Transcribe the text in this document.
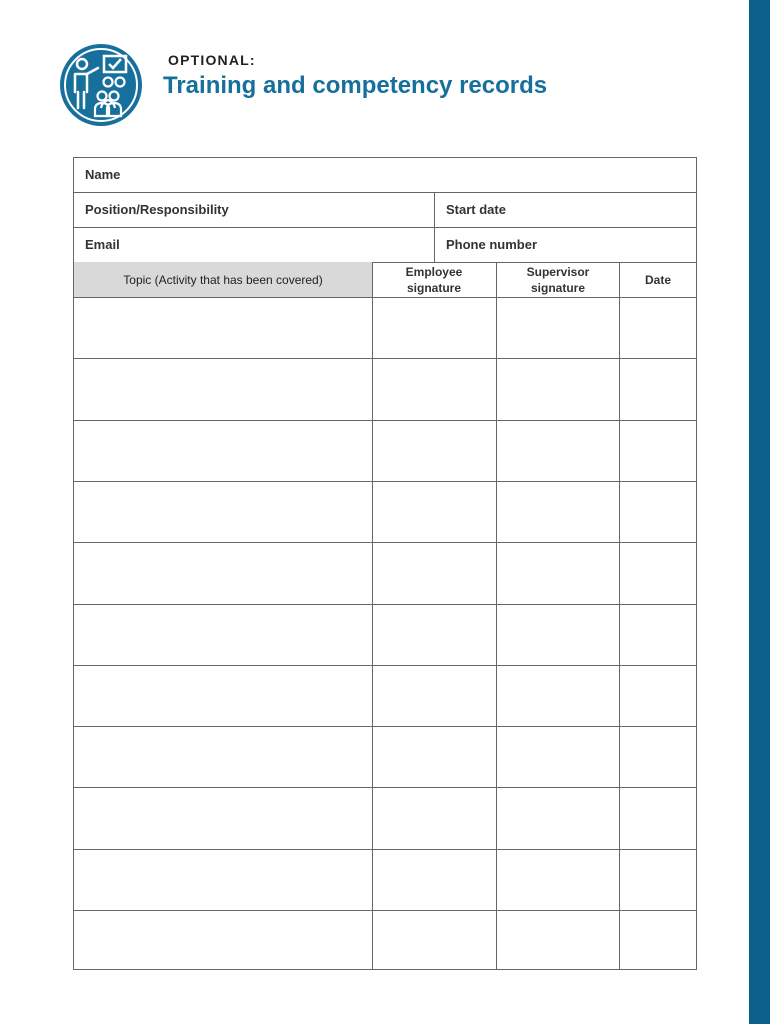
OPTIONAL:
Training and competency records
Name
Position/Responsibility	Start date
Email	Phone number
Topic (Activity that has been covered)
Employee
signature
Supervisor
signature
Date
